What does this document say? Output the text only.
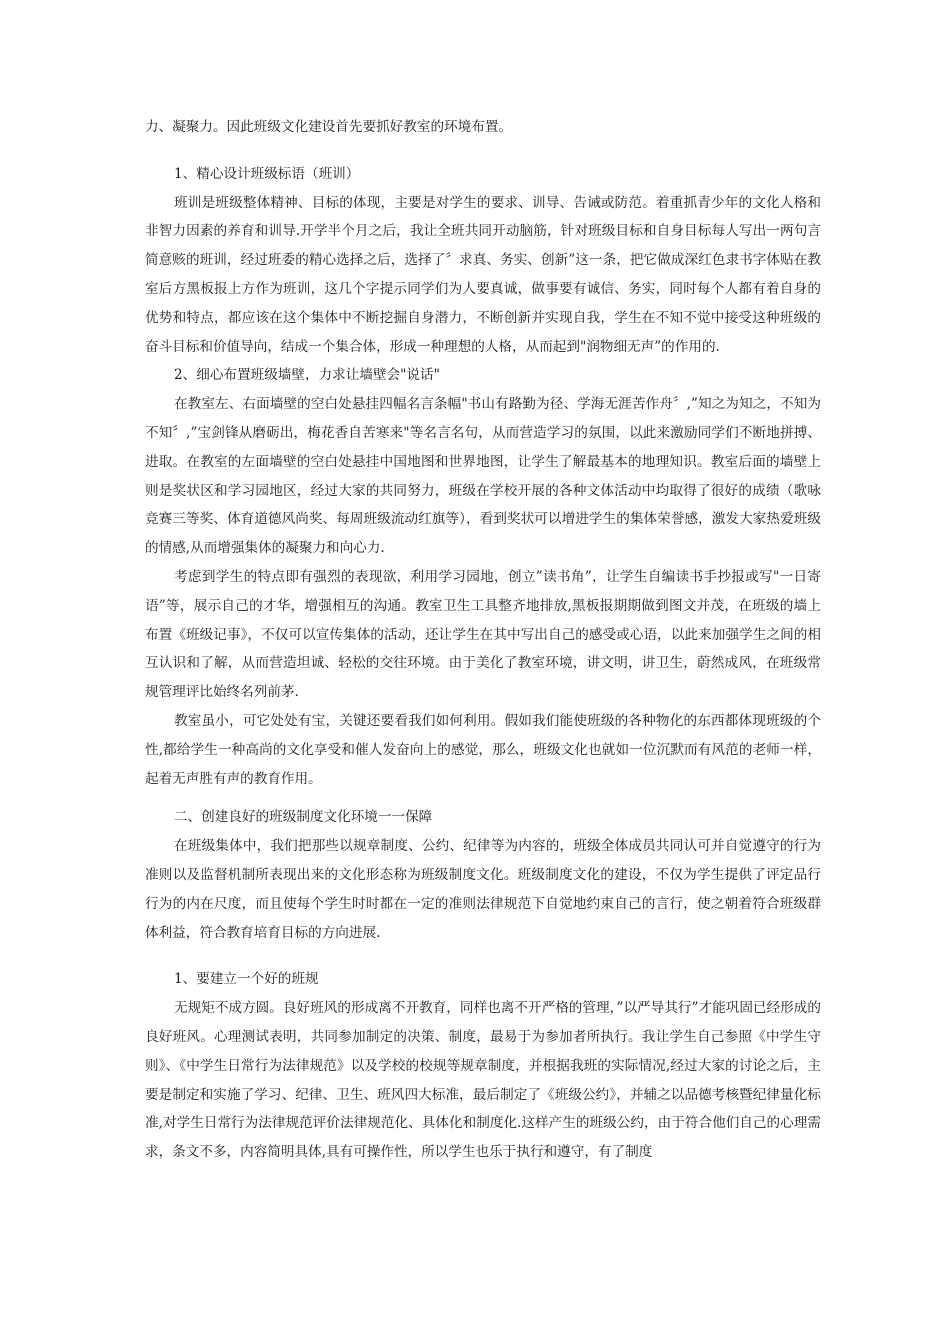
力、凝聚力。因此班级文化建设首先要抓好教室的环境布置。

1、精心设计班级标语（班训）

班训是班级整体精神、目标的体现，主要是对学生的要求、训导、告诫或防范。着重抓青少年的文化人格和非智力因素的养育和训导.开学半个月之后，我让全班共同开动脑筋，针对班级目标和自身目标每人写出一两句言简意赅的班训，经过班委的精心选择之后，选择了〞求真、务实、创新”这一条，把它做成深红色隶书字体贴在教室后方黑板报上方作为班训，这几个字提示同学们为人要真诚，做事要有诚信、务实，同时每个人都有着自身的优势和特点，都应该在这个集体中不断挖掘自身潜力，不断创新并实现自我，学生在不知不觉中接受这种班级的奋斗目标和价值导向，结成一个集合体，形成一种理想的人格，从而起到"润物细无声”的作用的.

2、细心布置班级墙壁，力求让墙壁会"说话"

在教室左、右面墙壁的空白处悬挂四幅名言条幅"书山有路勤为径、学海无涯苦作舟〞,”知之为知之，不知为不知〞,”宝剑锋从磨砺出，梅花香自苦寒来"等名言名句，从而营造学习的氛围，以此来激励同学们不断地拼搏、进取。在教室的左面墙壁的空白处悬挂中国地图和世界地图，让学生了解最基本的地理知识。教室后面的墙壁上则是奖状区和学习园地区，经过大家的共同努力，班级在学校开展的各种文体活动中均取得了很好的成绩（歌咏竞赛三等奖、体育道德风尚奖、每周班级流动红旗等），看到奖状可以增进学生的集体荣誉感，激发大家热爱班级的情感,从而增强集体的凝聚力和向心力.

考虑到学生的特点即有强烈的表现欲，利用学习园地，创立”读书角”，让学生自编读书手抄报或写"一日寄语”等，展示自己的才华，增强相互的沟通。教室卫生工具整齐地排放,黑板报期期做到图文并茂，在班级的墙上布置《班级记事》，不仅可以宣传集体的活动，还让学生在其中写出自己的感受或心语，以此来加强学生之间的相互认识和了解，从而营造坦诚、轻松的交往环境。由于美化了教室环境，讲文明，讲卫生，蔚然成风，在班级常规管理评比始终名列前茅.

教室虽小，可它处处有宝，关键还要看我们如何利用。假如我们能使班级的各种物化的东西都体现班级的个性,都给学生一种高尚的文化享受和催人发奋向上的感觉，那么，班级文化也就如一位沉默而有风范的老师一样，起着无声胜有声的教育作用。

二、创建良好的班级制度文化环境一一保障

在班级集体中，我们把那些以规章制度、公约、纪律等为内容的，班级全体成员共同认可并自觉遵守的行为准则以及监督机制所表现出来的文化形态称为班级制度文化。班级制度文化的建设，不仅为学生提供了评定品行行为的内在尺度，而且使每个学生时时都在一定的准则法律规范下自觉地约束自己的言行，使之朝着符合班级群体利益，符合教育培育目标的方向进展.

1、要建立一个好的班规

无规矩不成方圆。良好班风的形成离不开教育，同样也离不开严格的管理，”以严导其行”才能巩固已经形成的良好班风。心理测试表明，共同参加制定的决策、制度，最易于为参加者所执行。我让学生自己参照《中学生守则》、《中学生日常行为法律规范》以及学校的校规等规章制度，并根据我班的实际情况,经过大家的讨论之后，主要是制定和实施了学习、纪律、卫生、班风四大标准，最后制定了《班级公约》，并辅之以品德考核暨纪律量化标准,对学生日常行为法律规范评价法律规范化、具体化和制度化.这样产生的班级公约，由于符合他们自己的心理需求，条文不多，内容简明具体,具有可操作性，所以学生也乐于执行和遵守，有了制度
